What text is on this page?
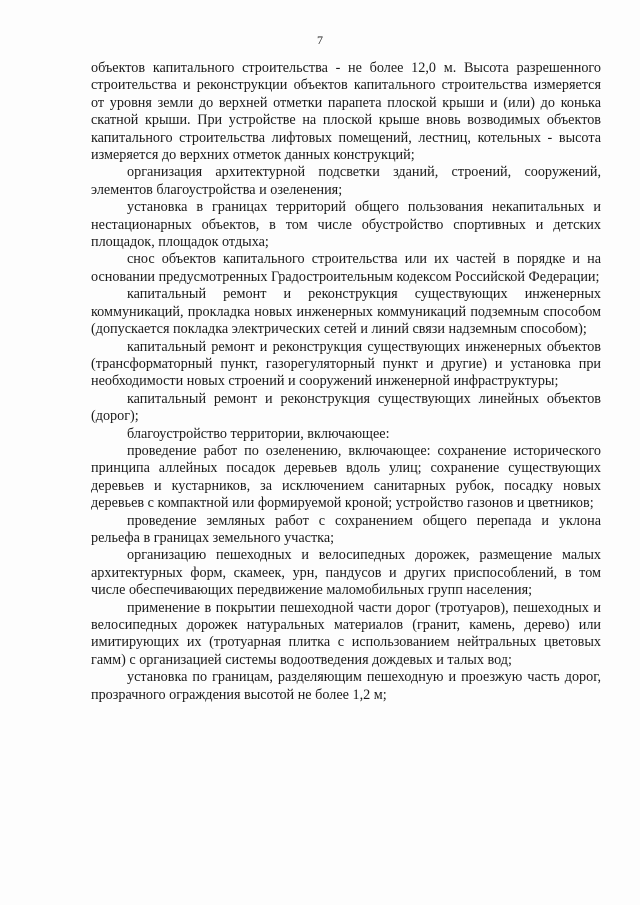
7

объектов капитального строительства - не более 12,0 м. Высота разрешенного строительства и реконструкции объектов капитального строительства измеряется от уровня земли до верхней отметки парапета плоской крыши и (или) до конька скатной крыши. При устройстве на плоской крыше вновь возводимых объектов капитального строительства лифтовых помещений, лестниц, котельных - высота измеряется до верхних отметок данных конструкций;

организация архитектурной подсветки зданий, строений, сооружений, элементов благоустройства и озеленения;

установка в границах территорий общего пользования некапитальных и нестационарных объектов, в том числе обустройство спортивных и детских площадок, площадок отдыха;

снос объектов капитального строительства или их частей в порядке и на основании предусмотренных Градостроительным кодексом Российской Федерации;

капитальный ремонт и реконструкция существующих инженерных коммуникаций, прокладка новых инженерных коммуникаций подземным способом (допускается покладка электрических сетей и линий связи надземным способом);

капитальный ремонт и реконструкция существующих инженерных объектов (трансформаторный пункт, газорегуляторный пункт и другие) и установка при необходимости новых строений и сооружений инженерной инфраструктуры;

капитальный ремонт и реконструкция существующих линейных объектов (дорог);

благоустройство территории, включающее:

проведение работ по озеленению, включающее: сохранение исторического принципа аллейных посадок деревьев вдоль улиц; сохранение существующих деревьев и кустарников, за исключением санитарных рубок, посадку новых деревьев с компактной или формируемой кроной; устройство газонов и цветников;

проведение земляных работ с сохранением общего перепада и уклона рельефа в границах земельного участка;

организацию пешеходных и велосипедных дорожек, размещение малых архитектурных форм, скамеек, урн, пандусов и других приспособлений, в том числе обеспечивающих передвижение маломобильных групп населения;

применение в покрытии пешеходной части дорог (тротуаров), пешеходных и велосипедных дорожек натуральных материалов (гранит, камень, дерево) или имитирующих их (тротуарная плитка с использованием нейтральных цветовых гамм) с организацией системы водоотведения дождевых и талых вод;

установка по границам, разделяющим пешеходную и проезжую часть дорог, прозрачного ограждения высотой не более 1,2 м;
